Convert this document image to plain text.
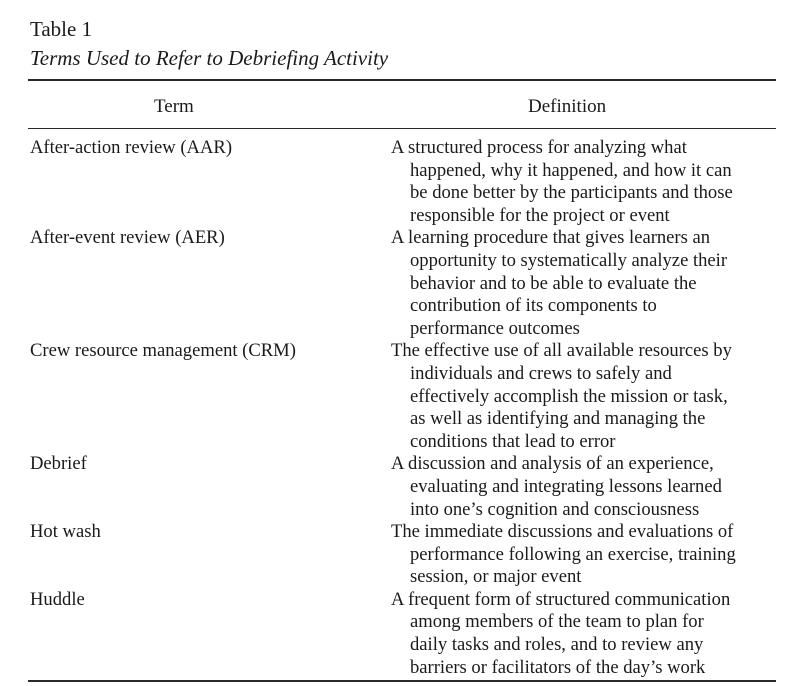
Table 1
Terms Used to Refer to Debriefing Activity
Term	Definition
After-action review (AAR)	A structured process for analyzing what
happened, why it happened, and how it can
be done better by the participants and those
responsible for the project or event
After-event review (AER)	A learning procedure that gives learners an
opportunity to systematically analyze their
behavior and to be able to evaluate the
contribution of its components to
performance outcomes
Crew resource management (CRM)	The effective use of all available resources by
individuals and crews to safely and
effectively accomplish the mission or task,
as well as identifying and managing the
conditions that lead to error
Debrief	A discussion and analysis of an experience,
evaluating and integrating lessons learned
into one’s cognition and consciousness
Hot wash	The immediate discussions and evaluations of
performance following an exercise, training
session, or major event
Huddle	A frequent form of structured communication
among members of the team to plan for
daily tasks and roles, and to review any
barriers or facilitators of the day’s work
